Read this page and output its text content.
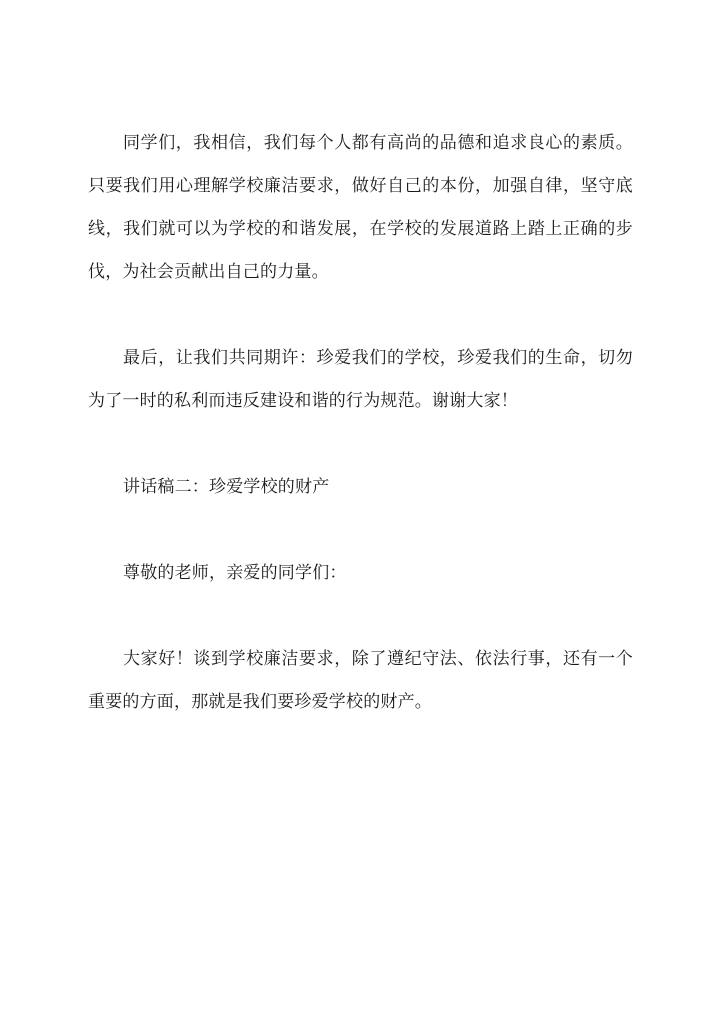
同学们，我相信，我们每个人都有高尚的品德和追求良心的素质。只要我们用心理解学校廉洁要求，做好自己的本份，加强自律，坚守底线，我们就可以为学校的和谐发展，在学校的发展道路上踏上正确的步伐，为社会贡献出自己的力量。

最后，让我们共同期许：珍爱我们的学校，珍爱我们的生命，切勿为了一时的私利而违反建设和谐的行为规范。谢谢大家！

讲话稿二：珍爱学校的财产

尊敬的老师，亲爱的同学们：

大家好！谈到学校廉洁要求，除了遵纪守法、依法行事，还有一个重要的方面，那就是我们要珍爱学校的财产。
